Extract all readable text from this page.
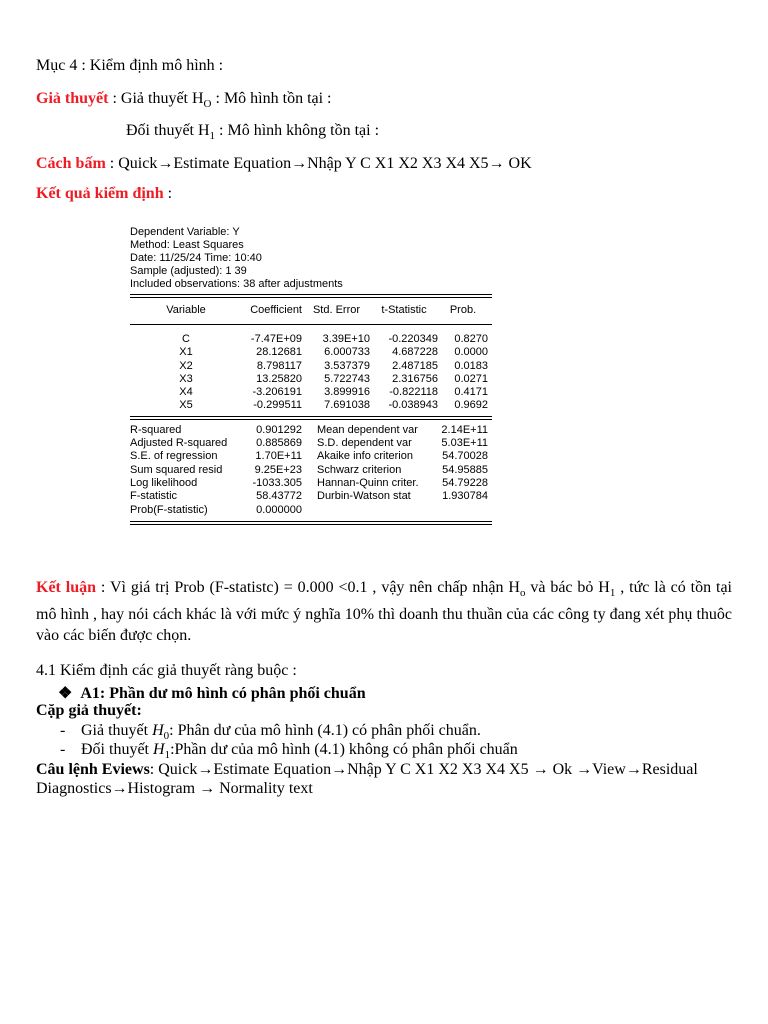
Mục 4 : Kiểm định mô hình :
Giả thuyết : Giả thuyết $H_O$ : Mô hình tồn tại :
Đối thuyết $H_1$ : Mô hình không tồn tại :
Cách bấm : Quick→Estimate Equation→Nhập Y C X1 X2 X3 X4 X5→ OK
Kết quả kiểm định :
Dependent Variable: Y
Method: Least Squares
Date: 11/25/24 Time: 10:40
Sample (adjusted): 1 39
Included observations: 38 after adjustments
Variable	Coefficient	Std. Error	t-Statistic	Prob.
C	-7.47E+09	3.39E+10	-0.220349	0.8270
X1	28.12681	6.000733	4.687228	0.0000
X2	8.798117	3.537379	2.487185	0.0183
X3	13.25820	5.722743	2.316756	0.0271
X4	-3.206191	3.899916	-0.822118	0.4171
X5	-0.299511	7.691038	-0.038943	0.9692
R-squared	0.901292	Mean dependent var	2.14E+11
Adjusted R-squared	0.885869	S.D. dependent var	5.03E+11
S.E. of regression	1.70E+11	Akaike info criterion	54.70028
Sum squared resid	9.25E+23	Schwarz criterion	54.95885
Log likelihood	-1033.305	Hannan-Quinn criter.	54.79228
F-statistic	58.43772	Durbin-Watson stat	1.930784
Prob(F-statistic)	0.000000		
Kết luận : Vì giá trị Prob (F-statistc) = 0.000 <0.1 , vậy nên chấp nhận $H_o$ và bác bỏ $H_1$ , tức là có tồn tại mô hình , hay nói cách khác là với mức ý nghĩa 10% thì doanh thu thuần của các công ty đang xét phụ thuôc vào các biến được chọn.
4.1 Kiểm định các giả thuyết ràng buộc :
❖ A1: Phần dư mô hình có phân phối chuẩn
Cặp giả thuyết:
- Giả thuyết $H_0$: Phân dư của mô hình (4.1) có phân phối chuẩn.
- Đối thuyết $H_1:Phần$ dư của mô hình (4.1) không có phân phối chuẩn
Câu lệnh Eviews: Quick→Estimate Equation→Nhập Y C X1 X2 X3 X4 X5 → Ok →View→Residual
Diagnostics→Histogram → Normality text
